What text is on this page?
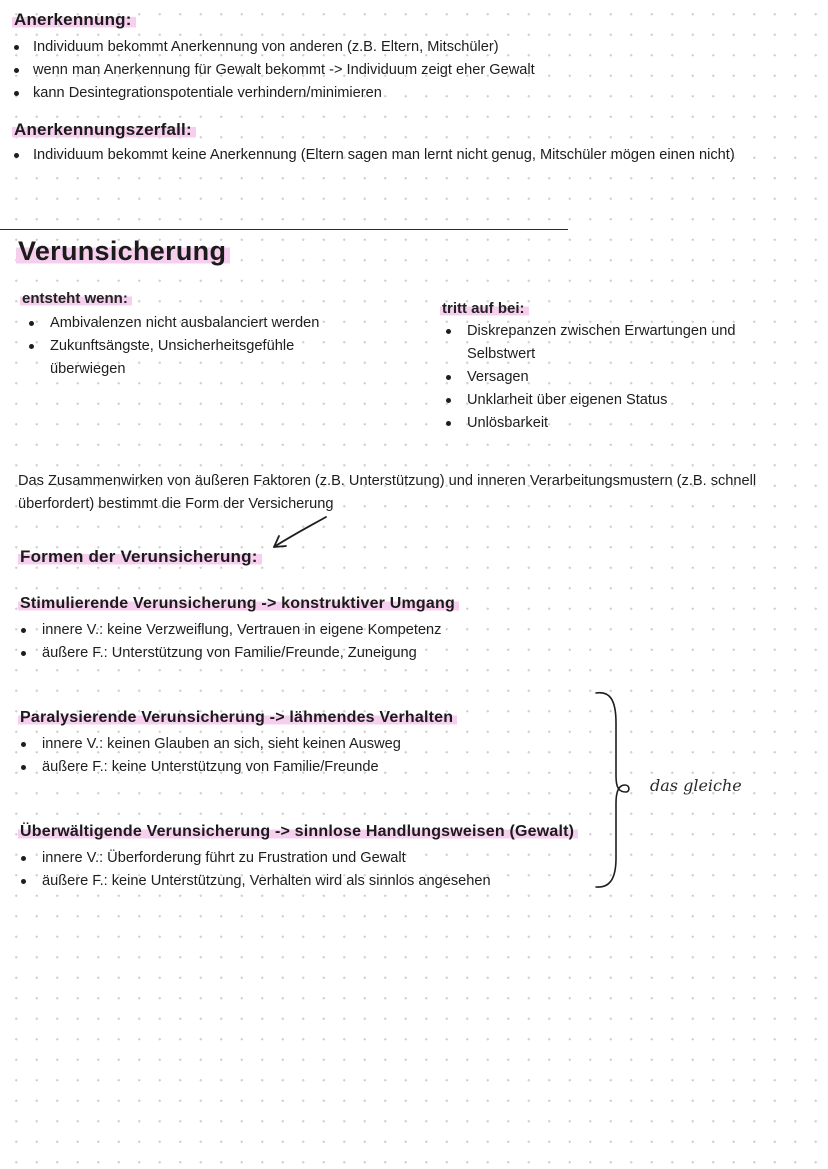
Anerkennung:
Individuum bekommt Anerkennung von anderen (z.B. Eltern, Mitschüler)
wenn man Anerkennung für Gewalt bekommt -> Individuum zeigt eher Gewalt
kann Desintegrationspotentiale verhindern/minimieren
Anerkennungszerfall:
Individuum bekommt keine Anerkennung (Eltern sagen man lernt nicht genug, Mitschüler mögen einen nicht)
Verunsicherung
entsteht wenn:
Ambivalenzen nicht ausbalanciert werden
Zukunftsängste, Unsicherheitsgefühle überwiegen
tritt auf bei:
Diskrepanzen zwischen Erwartungen und Selbstwert
Versagen
Unklarheit über eigenen Status
Unlösbarkeit
Das Zusammenwirken von äußeren Faktoren (z.B. Unterstützung) und inneren Verarbeitungsmustern (z.B. schnell überfordert) bestimmt die Form der Versicherung
Formen der Verunsicherung:
Stimulierende Verunsicherung -> konstruktiver Umgang
innere V.: keine Verzweiflung, Vertrauen in eigene Kompetenz
äußere F.: Unterstützung von Familie/Freunde, Zuneigung
Paralysierende Verunsicherung -> lähmendes Verhalten
innere V.: keinen Glauben an sich, sieht keinen Ausweg
äußere F.: keine Unterstützung von Familie/Freunde
Überwältigende Verunsicherung -> sinnlose Handlungsweisen (Gewalt)
innere V.: Überforderung führt zu Frustration und Gewalt
äußere F.: keine Unterstützung, Verhalten wird als sinnlos angesehen
das gleiche
